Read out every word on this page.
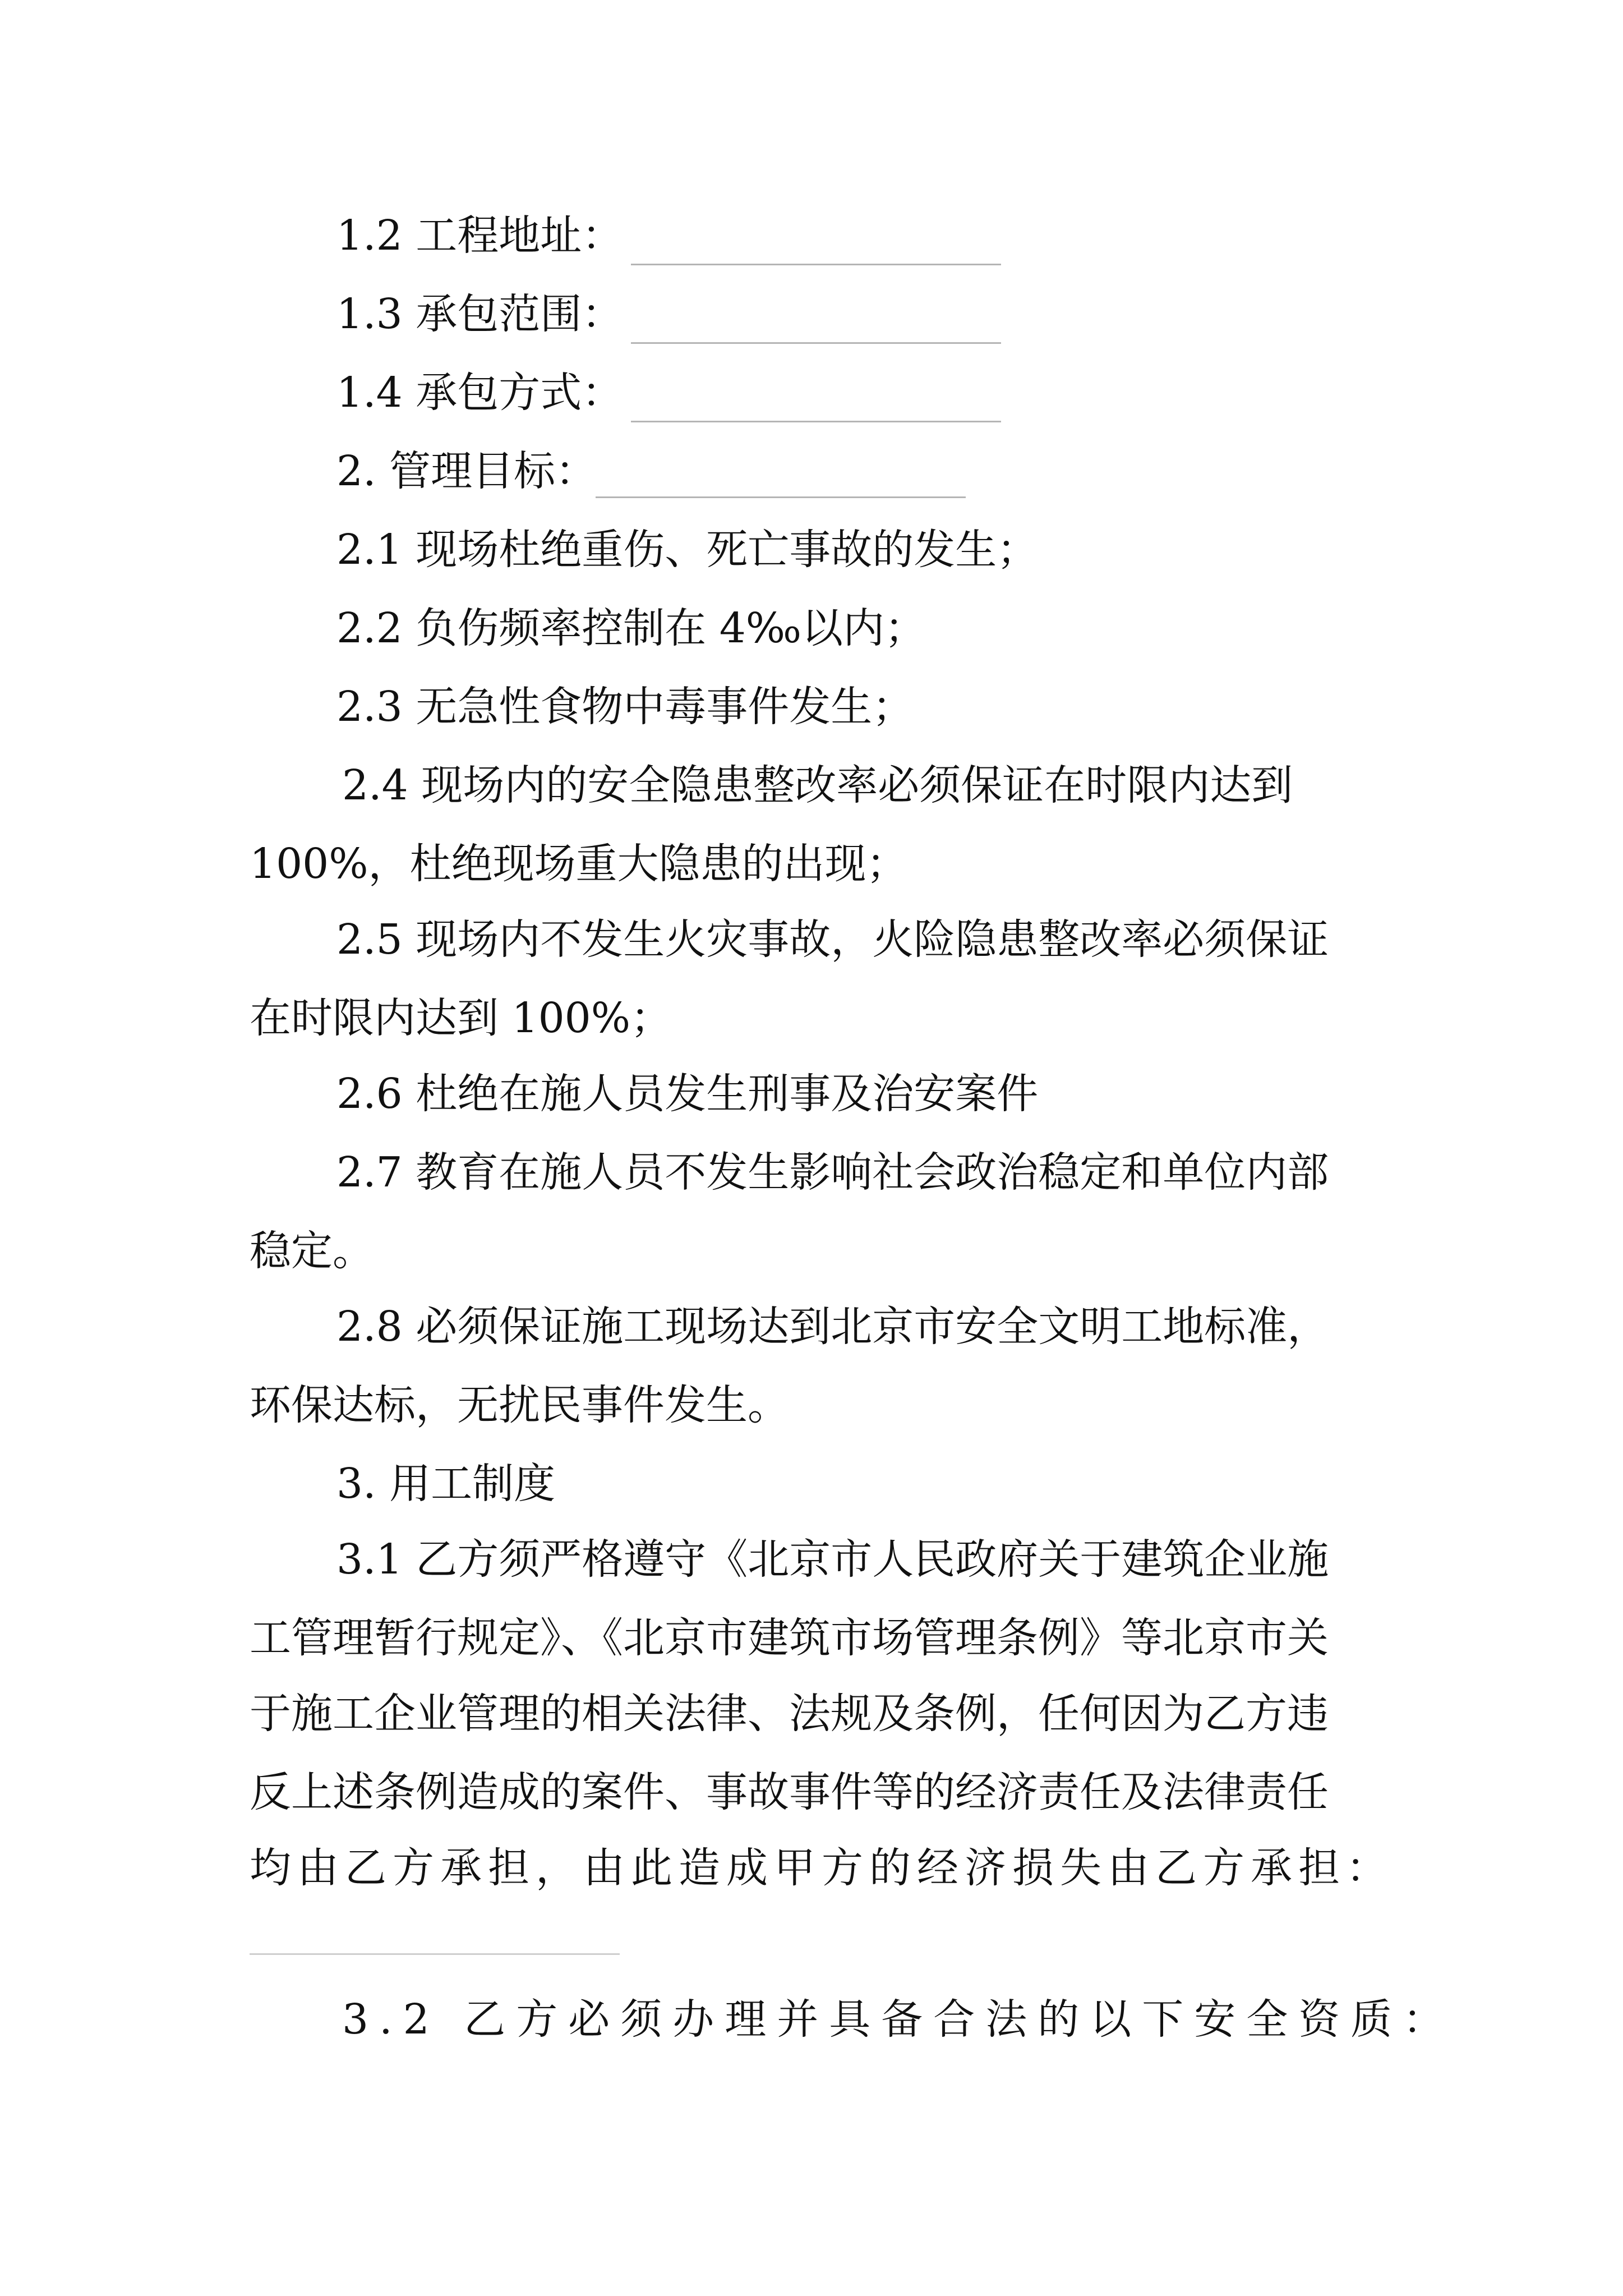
1.2 工程地址：
1.3 承包范围：
1.4 承包方式：
2. 管理目标：
2.1 现场杜绝重伤、死亡事故的发生；
2.2 负伤频率控制在 4‰以内；
2.3 无急性食物中毒事件发生；
2.4 现场内的安全隐患整改率必须保证在时限内达到
100%，杜绝现场重大隐患的出现；
2.5 现场内不发生火灾事故，火险隐患整改率必须保证
在时限内达到 100%；
2.6 杜绝在施人员发生刑事及治安案件
2.7 教育在施人员不发生影响社会政治稳定和单位内部
稳定。
2.8 必须保证施工现场达到北京市安全文明工地标准，
环保达标，无扰民事件发生。
3. 用工制度
3.1 乙方须严格遵守《北京市人民政府关于建筑企业施
工管理暂行规定》、《北京市建筑市场管理条例》等北京市关
于施工企业管理的相关法律、法规及条例，任何因为乙方违
反上述条例造成的案件、事故事件等的经济责任及法律责任
均由乙方承担，由此造成甲方的经济损失由乙方承担：
3.2 乙方必须办理并具备合法的以下安全资质：
